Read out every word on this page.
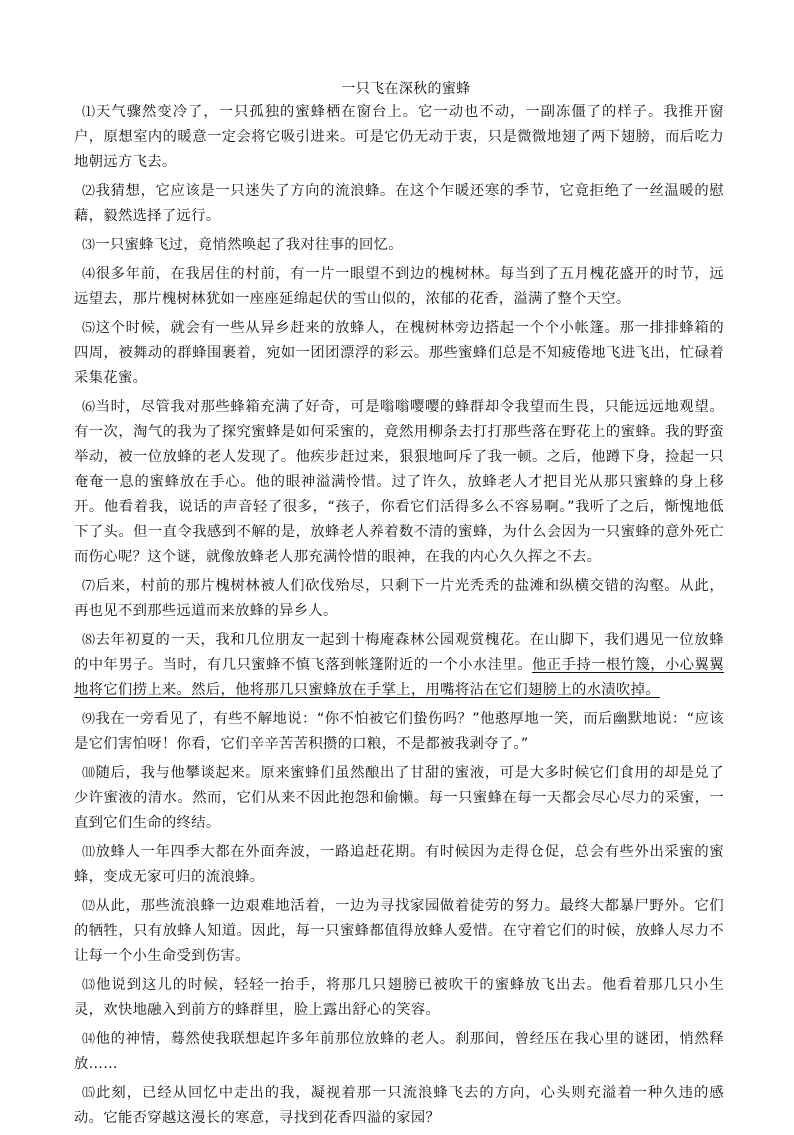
一只飞在深秋的蜜蜂

⑴天气骤然变冷了，一只孤独的蜜蜂栖在窗台上。它一动也不动，一副冻僵了的样子。我推开窗户，原想室内的暖意一定会将它吸引进来。可是它仍无动于衷，只是微微地翅了两下翅膀，而后吃力地朝远方飞去。

⑵我猜想，它应该是一只迷失了方向的流浪蜂。在这个乍暖还寒的季节，它竟拒绝了一丝温暖的慰藉，毅然选择了远行。

⑶一只蜜蜂飞过，竟悄然唤起了我对往事的回忆。

⑷很多年前，在我居住的村前，有一片一眼望不到边的槐树林。每当到了五月槐花盛开的时节，远远望去，那片槐树林犹如一座座延绵起伏的雪山似的，浓郁的花香，溢满了整个天空。

⑸这个时候，就会有一些从异乡赶来的放蜂人，在槐树林旁边搭起一个个小帐篷。那一排排蜂箱的四周，被舞动的群蜂围裹着，宛如一团团漂浮的彩云。那些蜜蜂们总是不知疲倦地飞进飞出，忙碌着采集花蜜。

⑹当时，尽管我对那些蜂箱充满了好奇，可是嗡嗡嘤嘤的蜂群却令我望而生畏，只能远远地观望。有一次，淘气的我为了探究蜜蜂是如何采蜜的，竟然用柳条去打打那些落在野花上的蜜蜂。我的野蛮举动，被一位放蜂的老人发现了。他疾步赶过来，狠狠地呵斥了我一顿。之后，他蹲下身，捡起一只奄奄一息的蜜蜂放在手心。他的眼神溢满怜惜。过了许久，放蜂老人才把目光从那只蜜蜂的身上移开。他看着我，说话的声音轻了很多，“孩子，你看它们活得多么不容易啊。”我听了之后，惭愧地低下了头。但一直令我感到不解的是，放蜂老人养着数不清的蜜蜂，为什么会因为一只蜜蜂的意外死亡而伤心呢？这个谜，就像放蜂老人那充满怜惜的眼神，在我的内心久久挥之不去。

⑺后来，村前的那片槐树林被人们砍伐殆尽，只剩下一片光秃秃的盐滩和纵横交错的沟壑。从此，再也见不到那些远道而来放蜂的异乡人。

⑻去年初夏的一天，我和几位朋友一起到十梅庵森林公园观赏槐花。在山脚下，我们遇见一位放蜂的中年男子。当时，有几只蜜蜂不慎飞落到帐篷附近的一个小水洼里。他正手持一根竹篾，小心翼翼地将它们捞上来。然后，他将那几只蜜蜂放在手掌上，用嘴将沾在它们翅膀上的水渍吹掉。

⑼我在一旁看见了，有些不解地说：“你不怕被它们蛰伤吗？”他憨厚地一笑，而后幽默地说：“应该是它们害怕呀！你看，它们辛辛苦苦积攒的口粮，不是都被我剥夺了。”

⑽随后，我与他攀谈起来。原来蜜蜂们虽然酿出了甘甜的蜜液，可是大多时候它们食用的却是兑了少许蜜液的清水。然而，它们从来不因此抱怨和偷懒。每一只蜜蜂在每一天都会尽心尽力的采蜜，一直到它们生命的终结。

⑾放蜂人一年四季大都在外面奔波，一路追赶花期。有时候因为走得仓促，总会有些外出采蜜的蜜蜂，变成无家可归的流浪蜂。

⑿从此，那些流浪蜂一边艰难地活着，一边为寻找家园做着徒劳的努力。最终大都暴尸野外。它们的牺牲，只有放蜂人知道。因此，每一只蜜蜂都值得放蜂人爱惜。在守着它们的时候，放蜂人尽力不让每一个小生命受到伤害。

⒀他说到这儿的时候，轻轻一抬手，将那几只翅膀已被吹干的蜜蜂放飞出去。他看着那几只小生灵，欢快地融入到前方的蜂群里，脸上露出舒心的笑容。

⒁他的神情，蓦然使我联想起许多年前那位放蜂的老人。刹那间，曾经压在我心里的谜团，悄然释放……

⒂此刻，已经从回忆中走出的我，凝视着那一只流浪蜂飞去的方向，心头则充溢着一种久违的感动。它能否穿越这漫长的寒意，寻找到花香四溢的家园？
